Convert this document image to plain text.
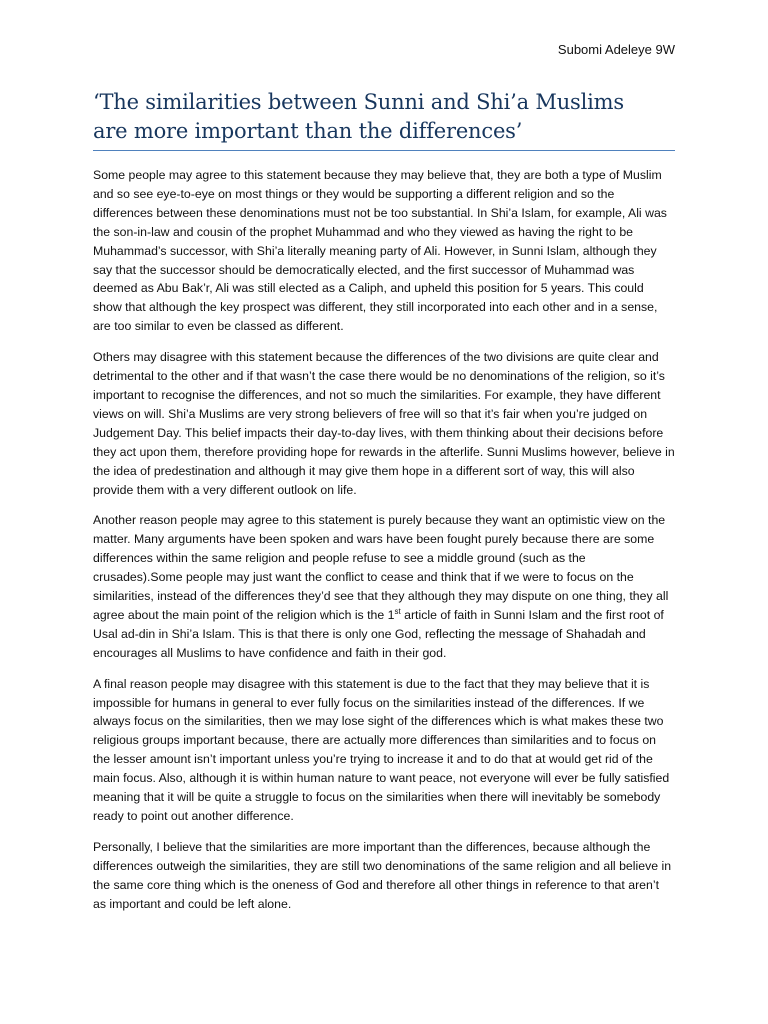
Subomi Adeleye 9W
‘The similarities between Sunni and Shi’a Muslims
are more important than the differences’

Some people may agree to this statement because they may believe that, they are both a type of Muslim and so see eye-to-eye on most things or they would be supporting a different religion and so the differences between these denominations must not be too substantial. In Shi’a Islam, for example, Ali was the son-in-law and cousin of the prophet Muhammad and who they viewed as having the right to be Muhammad’s successor, with Shi’a literally meaning party of Ali. However, in Sunni Islam, although they say that the successor should be democratically elected, and the first successor of Muhammad was deemed as Abu Bak’r, Ali was still elected as a Caliph, and upheld this position for 5 years. This could show that although the key prospect was different, they still incorporated into each other and in a sense, are too similar to even be classed as different.

Others may disagree with this statement because the differences of the two divisions are quite clear and detrimental to the other and if that wasn’t the case there would be no denominations of the religion, so it’s important to recognise the differences, and not so much the similarities. For example, they have different views on will. Shi’a Muslims are very strong believers of free will so that it’s fair when you’re judged on Judgement Day. This belief impacts their day-to-day lives, with them thinking about their decisions before they act upon them, therefore providing hope for rewards in the afterlife. Sunni Muslims however, believe in the idea of predestination and although it may give them hope in a different sort of way, this will also provide them with a very different outlook on life.

Another reason people may agree to this statement is purely because they want an optimistic view on the matter. Many arguments have been spoken and wars have been fought purely because there are some differences within the same religion and people refuse to see a middle ground (such as the crusades).Some people may just want the conflict to cease and think that if we were to focus on the similarities, instead of the differences they’d see that they although they may dispute on one thing, they all agree about the main point of the religion which is the 1st article of faith in Sunni Islam and the first root of Usal ad-din in Shi’a Islam. This is that there is only one God, reflecting the message of Shahadah and encourages all Muslims to have confidence and faith in their god.

A final reason people may disagree with this statement is due to the fact that they may believe that it is impossible for humans in general to ever fully focus on the similarities instead of the differences. If we always focus on the similarities, then we may lose sight of the differences which is what makes these two religious groups important because, there are actually more differences than similarities and to focus on the lesser amount isn’t important unless you’re trying to increase it and to do that at would get rid of the main focus. Also, although it is within human nature to want peace, not everyone will ever be fully satisfied meaning that it will be quite a struggle to focus on the similarities when there will inevitably be somebody ready to point out another difference.

Personally, I believe that the similarities are more important than the differences, because although the differences outweigh the similarities, they are still two denominations of the same religion and all believe in the same core thing which is the oneness of God and therefore all other things in reference to that aren’t as important and could be left alone.
